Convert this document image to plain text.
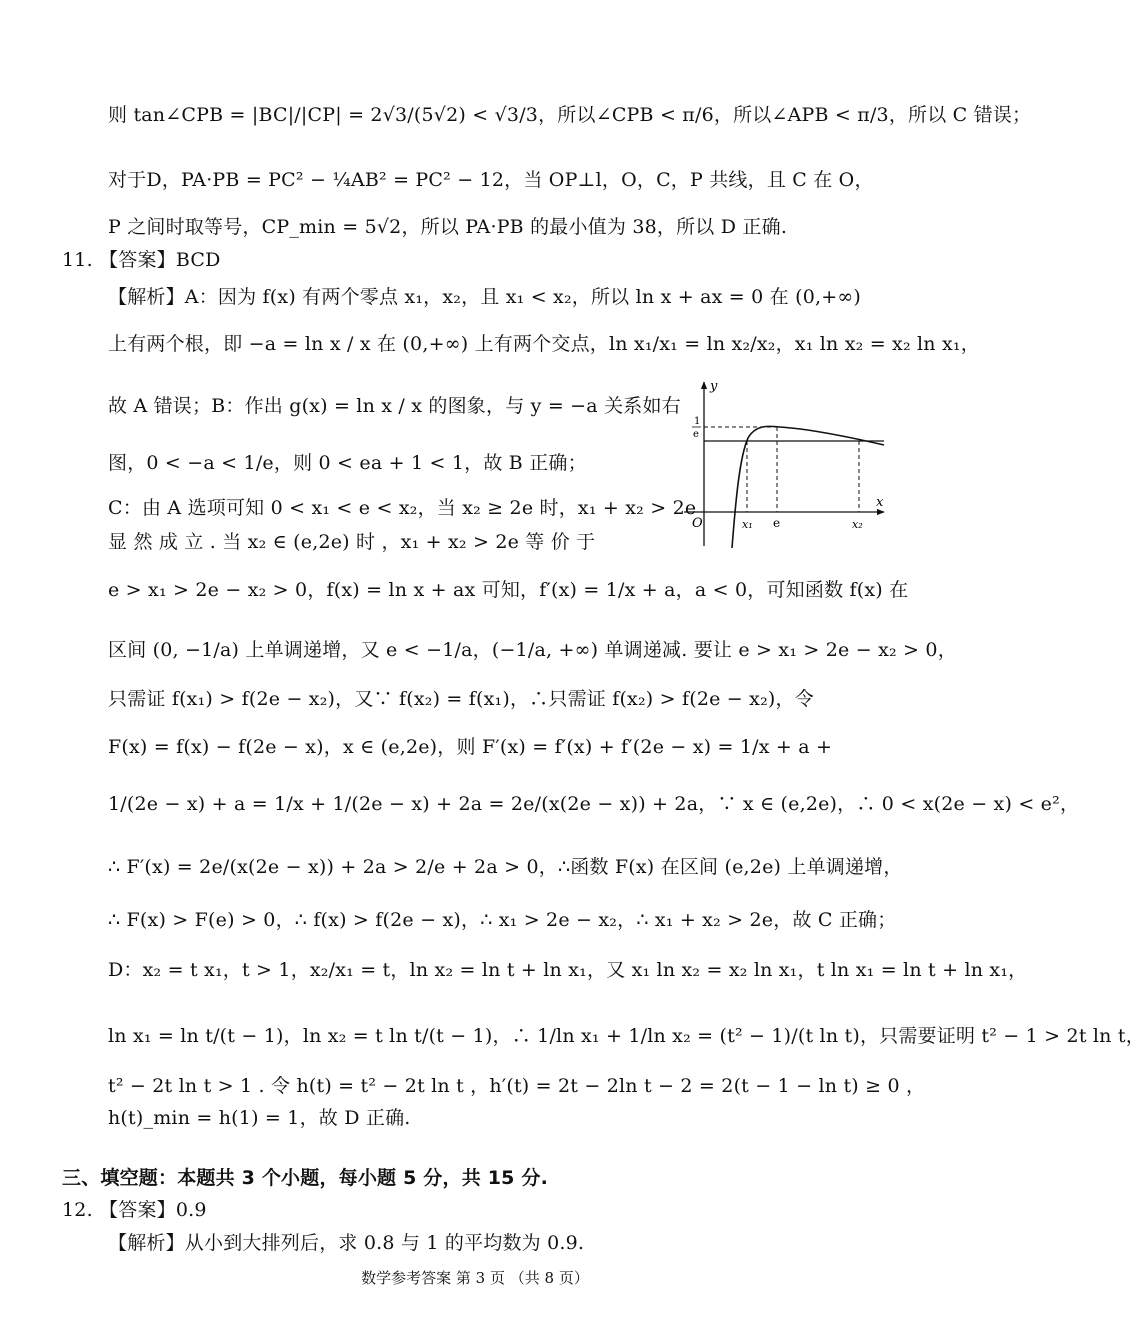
则 tan∠CPB = |BC|/|CP| = 2√3/(5√2) < √3/3，所以∠CPB < π/6，所以∠APB < π/3，所以 C 错误；
对于D，PA·PB = PC² − ¼AB² = PC² − 12，当 OP⊥l，O，C，P 共线，且 C 在 O，
P 之间时取等号，CP_min = 5√2，所以 PA·PB 的最小值为 38，所以 D 正确.
11. 【答案】BCD
【解析】A：因为 f(x) 有两个零点 x₁，x₂，且 x₁ < x₂，所以 ln x + ax = 0 在 (0,+∞)
上有两个根，即 −a = ln x / x 在 (0,+∞) 上有两个交点，ln x₁/x₁ = ln x₂/x₂，x₁ ln x₂ = x₂ ln x₁，
故 A 错误；B：作出 g(x) = ln x / x 的图象，与 y = −a 关系如右
图，0 < −a < 1/e，则 0 < ea + 1 < 1，故 B 正确；
C：由 A 选项可知 0 < x₁ < e < x₂，当 x₂ ≥ 2e 时，x₁ + x₂ > 2e
显 然 成 立 . 当 x₂ ∈ (e,2e) 时 ，x₁ + x₂ > 2e 等 价 于
e > x₁ > 2e − x₂ > 0，f(x) = ln x + ax 可知，f′(x) = 1/x + a，a < 0，可知函数 f(x) 在
区间 (0, −1/a) 上单调递增，又 e < −1/a，(−1/a, +∞) 单调递减. 要让 e > x₁ > 2e − x₂ > 0，
只需证 f(x₁) > f(2e − x₂)，又∵ f(x₂) = f(x₁)，∴只需证 f(x₂) > f(2e − x₂)，令
F(x) = f(x) − f(2e − x)，x ∈ (e,2e)，则 F′(x) = f′(x) + f′(2e − x) = 1/x + a +
1/(2e − x) + a = 1/x + 1/(2e − x) + 2a = 2e/(x(2e − x)) + 2a，∵ x ∈ (e,2e)，∴ 0 < x(2e − x) < e²，
∴ F′(x) = 2e/(x(2e − x)) + 2a > 2/e + 2a > 0，∴函数 F(x) 在区间 (e,2e) 上单调递增，
∴ F(x) > F(e) > 0，∴ f(x) > f(2e − x)，∴ x₁ > 2e − x₂，∴ x₁ + x₂ > 2e，故 C 正确；
D：x₂ = t x₁，t > 1，x₂/x₁ = t，ln x₂ = ln t + ln x₁，又 x₁ ln x₂ = x₂ ln x₁，t ln x₁ = ln t + ln x₁，
ln x₁ = ln t/(t − 1)，ln x₂ = t ln t/(t − 1)，∴ 1/ln x₁ + 1/ln x₂ = (t² − 1)/(t ln t)，只需要证明 t² − 1 > 2t ln t，
t² − 2t ln t > 1 . 令 h(t) = t² − 2t ln t ，h′(t) = 2t − 2ln t − 2 = 2(t − 1 − ln t) ≥ 0 ，
h(t)_min = h(1) = 1，故 D 正确.
三、填空题：本题共 3 个小题，每小题 5 分，共 15 分.
12. 【答案】0.9
【解析】从小到大排列后，求 0.8 与 1 的平均数为 0.9.
y
x
O	x₁ e	x₂
1
e
数学参考答案 第 3 页 （共 8 页）
